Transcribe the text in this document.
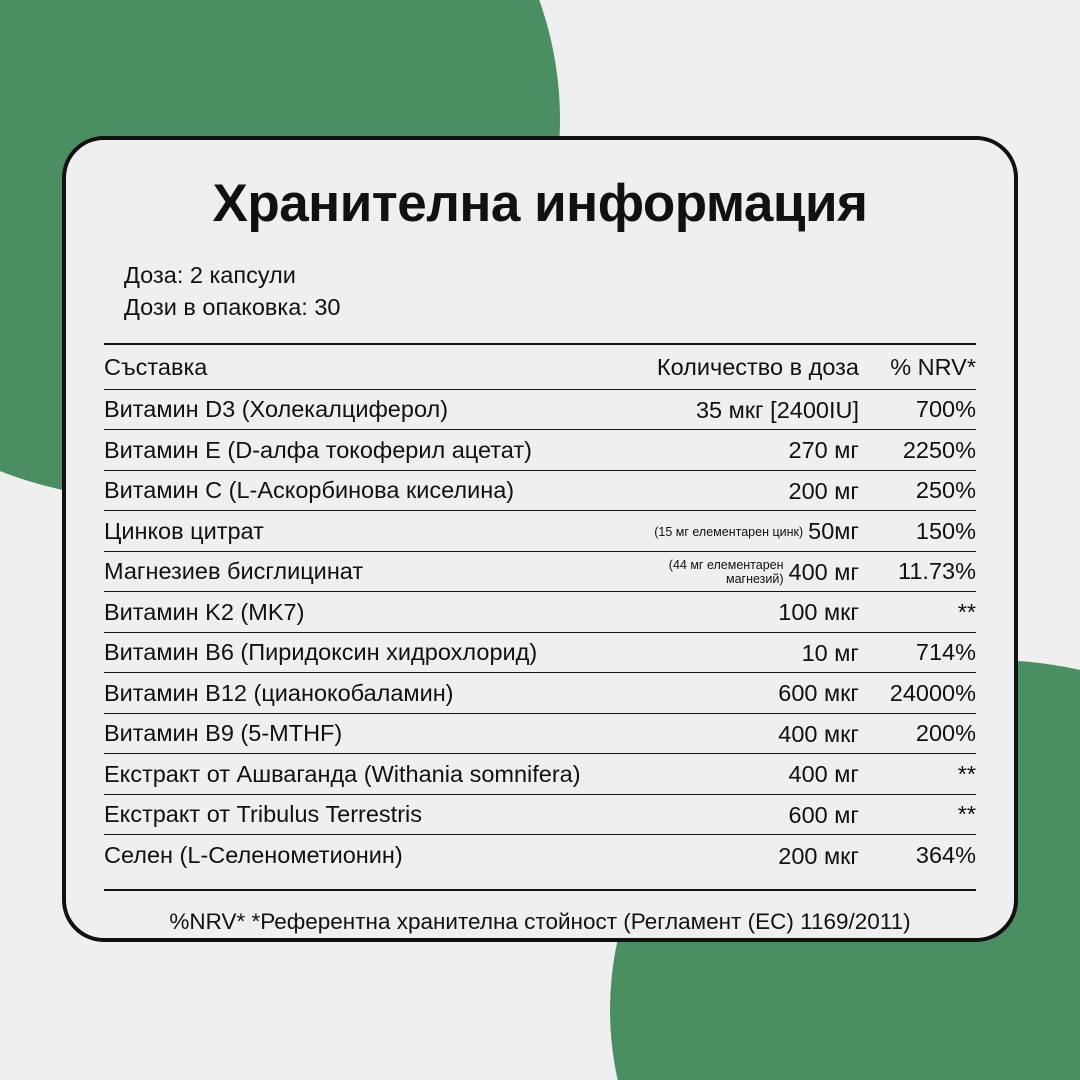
Хранителна информация
Доза: 2 капсули
Дози в опаковка: 30

Съставка	Количество в доза	% NRV*
Витамин D3 (Холекалциферол)	35 мкг [2400IU]	700%
Витамин E (D-алфа токоферил ацетат)	270 мг	2250%
Витамин C (L-Аскорбинова киселина)	200 мг	250%
Цинков цитрат	(15 мг елементарен цинк) 50мг	150%
Магнезиев бисглицинат	(44 мг елементарен магнезий) 400 мг	11.73%
Витамин K2 (MK7)	100 мкг	**
Витамин B6 (Пиридоксин хидрохлорид)	10 мг	714%
Витамин B12 (цианокобаламин)	600 мкг	24000%
Витамин B9 (5-MTHF)	400 мкг	200%
Екстракт от Ашваганда (Withania somnifera)	400 мг	**
Екстракт от Tribulus Terrestris	600 мг	**
Селен (L-Селенометионин)	200 мкг	364%
%NRV* *Референтна хранителна стойност (Регламент (ЕС) 1169/2011)
